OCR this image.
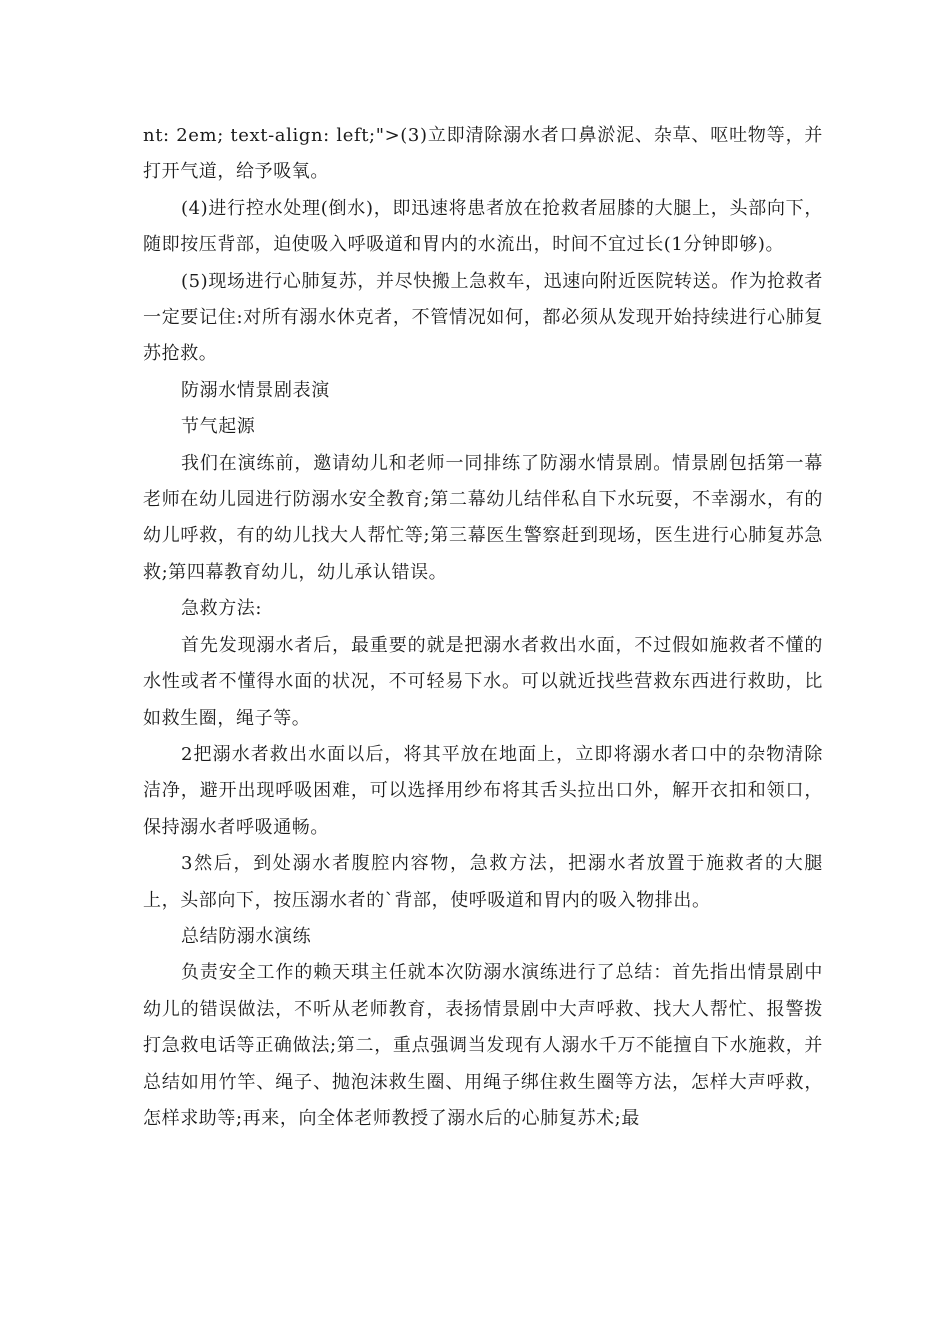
nt: 2em; text-align: left;">(3)立即清除溺水者口鼻淤泥、杂草、呕吐物等，并打开气道，给予吸氧。

(4)进行控水处理(倒水)，即迅速将患者放在抢救者屈膝的大腿上，头部向下，随即按压背部，迫使吸入呼吸道和胃内的水流出，时间不宜过长(1分钟即够)。

(5)现场进行心肺复苏，并尽快搬上急救车，迅速向附近医院转送。作为抢救者一定要记住:对所有溺水休克者，不管情况如何，都必须从发现开始持续进行心肺复苏抢救。

防溺水情景剧表演

节气起源

我们在演练前，邀请幼儿和老师一同排练了防溺水情景剧。情景剧包括第一幕老师在幼儿园进行防溺水安全教育;第二幕幼儿结伴私自下水玩耍，不幸溺水，有的幼儿呼救，有的幼儿找大人帮忙等;第三幕医生警察赶到现场，医生进行心肺复苏急救;第四幕教育幼儿，幼儿承认错误。

急救方法:

首先发现溺水者后，最重要的就是把溺水者救出水面，不过假如施救者不懂的水性或者不懂得水面的状况，不可轻易下水。可以就近找些营救东西进行救助，比如救生圈，绳子等。

2把溺水者救出水面以后，将其平放在地面上，立即将溺水者口中的杂物清除洁净，避开出现呼吸困难，可以选择用纱布将其舌头拉出口外，解开衣扣和领口，保持溺水者呼吸通畅。

3然后，到处溺水者腹腔内容物，急救方法，把溺水者放置于施救者的大腿上，头部向下，按压溺水者的`背部，使呼吸道和胃内的吸入物排出。

总结防溺水演练

负责安全工作的赖天琪主任就本次防溺水演练进行了总结：首先指出情景剧中幼儿的错误做法，不听从老师教育，表扬情景剧中大声呼救、找大人帮忙、报警拨打急救电话等正确做法;第二，重点强调当发现有人溺水千万不能擅自下水施救，并总结如用竹竿、绳子、抛泡沫救生圈、用绳子绑住救生圈等方法，怎样大声呼救，怎样求助等;再来，向全体老师教授了溺水后的心肺复苏术;最
